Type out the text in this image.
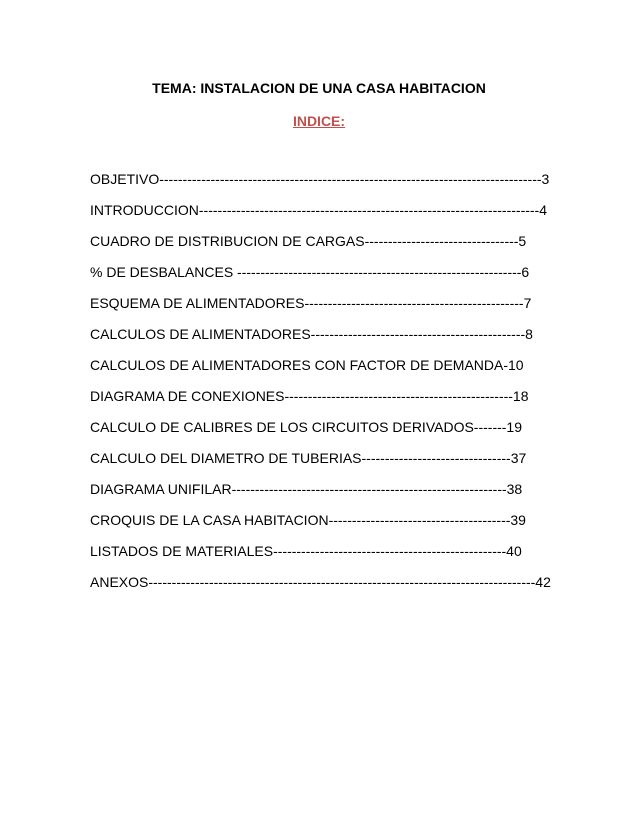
TEMA: INSTALACION DE UNA CASA HABITACION
INDICE:
OBJETIVO----------------------------------------------------------------------------------3
INTRODUCCION-------------------------------------------------------------------------4
CUADRO DE DISTRIBUCION DE CARGAS---------------------------------5
% DE DESBALANCES -------------------------------------------------------------6
ESQUEMA DE ALIMENTADORES-----------------------------------------------7
CALCULOS DE ALIMENTADORES----------------------------------------------8
CALCULOS DE ALIMENTADORES CON FACTOR DE DEMANDA-10
DIAGRAMA DE CONEXIONES-------------------------------------------------18
CALCULO DE CALIBRES DE LOS CIRCUITOS DERIVADOS-------19
CALCULO DEL DIAMETRO DE TUBERIAS--------------------------------37
DIAGRAMA UNIFILAR-----------------------------------------------------------38
CROQUIS DE LA CASA HABITACION---------------------------------------39
LISTADOS DE MATERIALES--------------------------------------------------40
ANEXOS-----------------------------------------------------------------------------------42
